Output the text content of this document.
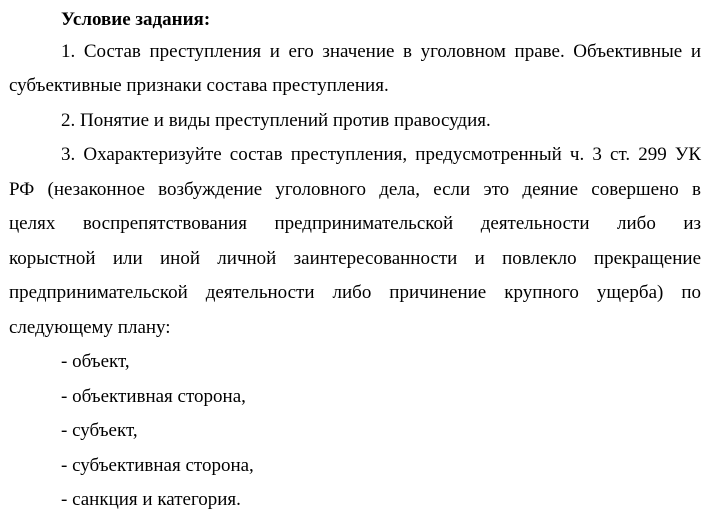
Условие задания:
1. Состав преступления и его значение в уголовном праве. Объективные и
субъективные признаки состава преступления.
2. Понятие и виды преступлений против правосудия.
3. Охарактеризуйте состав преступления, предусмотренный ч. 3 ст. 299 УК
РФ (незаконное возбуждение уголовного дела, если это деяние совершено в
целях воспрепятствования предпринимательской деятельности либо из
корыстной или иной личной заинтересованности и повлекло прекращение
предпринимательской деятельности либо причинение крупного ущерба) по
следующему плану:
- объект,
- объективная сторона,
- субъект,
- субъективная сторона,
- санкция и категория.
